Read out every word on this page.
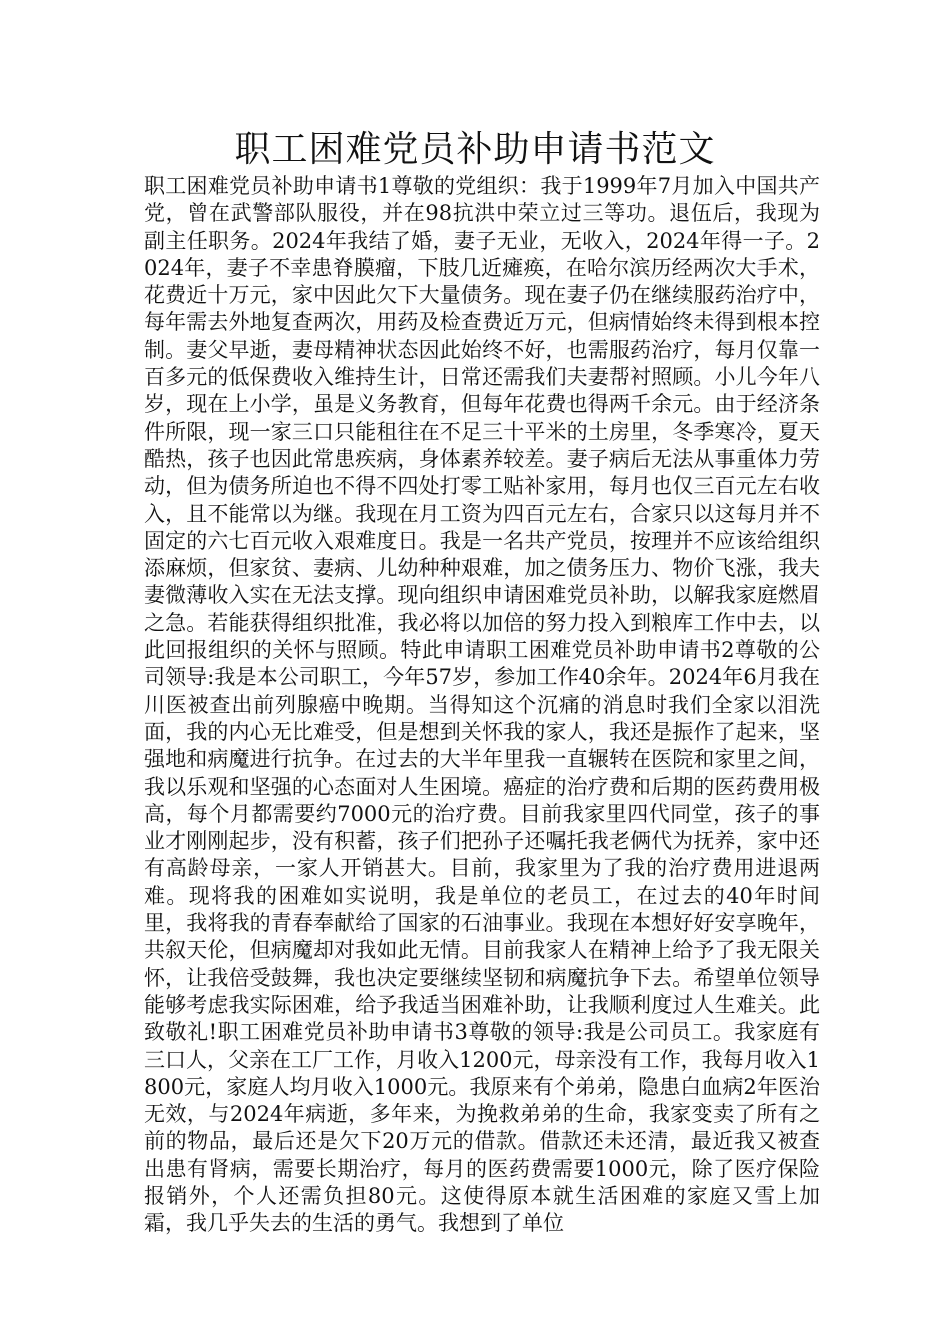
职工困难党员补助申请书范文
职工困难党员补助申请书1尊敬的党组织：我于1999年7月加入中国共产党，曾在武警部队服役，并在98抗洪中荣立过三等功。退伍后，我现为副主任职务。2024年我结了婚，妻子无业，无收入，2024年得一子。2024年，妻子不幸患脊膜瘤，下肢几近瘫痪，在哈尔滨历经两次大手术，花费近十万元，家中因此欠下大量债务。现在妻子仍在继续服药治疗中，每年需去外地复查两次，用药及检查费近万元，但病情始终未得到根本控制。妻父早逝，妻母精神状态因此始终不好，也需服药治疗，每月仅靠一百多元的低保费收入维持生计，日常还需我们夫妻帮衬照顾。小儿今年八岁，现在上小学，虽是义务教育，但每年花费也得两千余元。由于经济条件所限，现一家三口只能租往在不足三十平米的土房里，冬季寒冷，夏天酷热，孩子也因此常患疾病，身体素养较差。妻子病后无法从事重体力劳动，但为债务所迫也不得不四处打零工贴补家用，每月也仅三百元左右收入，且不能常以为继。我现在月工资为四百元左右，合家只以这每月并不固定的六七百元收入艰难度日。我是一名共产党员，按理并不应该给组织添麻烦，但家贫、妻病、儿幼种种艰难，加之债务压力、物价飞涨，我夫妻微薄收入实在无法支撑。现向组织申请困难党员补助，以解我家庭燃眉之急。若能获得组织批准，我必将以加倍的努力投入到粮库工作中去，以此回报组织的关怀与照顾。特此申请职工困难党员补助申请书2尊敬的公司领导:我是本公司职工，今年57岁，参加工作40余年。2024年6月我在川医被查出前列腺癌中晚期。当得知这个沉痛的消息时我们全家以泪洗面，我的内心无比难受，但是想到关怀我的家人，我还是振作了起来，坚强地和病魔进行抗争。在过去的大半年里我一直辗转在医院和家里之间，我以乐观和坚强的心态面对人生困境。癌症的治疗费和后期的医药费用极高，每个月都需要约7000元的治疗费。目前我家里四代同堂，孩子的事业才刚刚起步，没有积蓄，孩子们把孙子还嘱托我老俩代为抚养，家中还有高龄母亲，一家人开销甚大。目前，我家里为了我的治疗费用进退两难。现将我的困难如实说明，我是单位的老员工，在过去的40年时间里，我将我的青春奉献给了国家的石油事业。我现在本想好好安享晚年，共叙天伦，但病魔却对我如此无情。目前我家人在精神上给予了我无限关怀，让我倍受鼓舞，我也决定要继续坚韧和病魔抗争下去。希望单位领导能够考虑我实际困难，给予我适当困难补助，让我顺利度过人生难关。此致敬礼!职工困难党员补助申请书3尊敬的领导:我是公司员工。我家庭有三口人，父亲在工厂工作，月收入1200元，母亲没有工作，我每月收入1800元，家庭人均月收入1000元。我原来有个弟弟，隐患白血病2年医治无效，与2024年病逝，多年来，为挽救弟弟的生命，我家变卖了所有之前的物品，最后还是欠下20万元的借款。借款还未还清，最近我又被查出患有肾病，需要长期治疗，每月的医药费需要1000元，除了医疗保险报销外，个人还需负担80元。这使得原本就生活困难的家庭又雪上加霜，我几乎失去的生活的勇气。我想到了单位
